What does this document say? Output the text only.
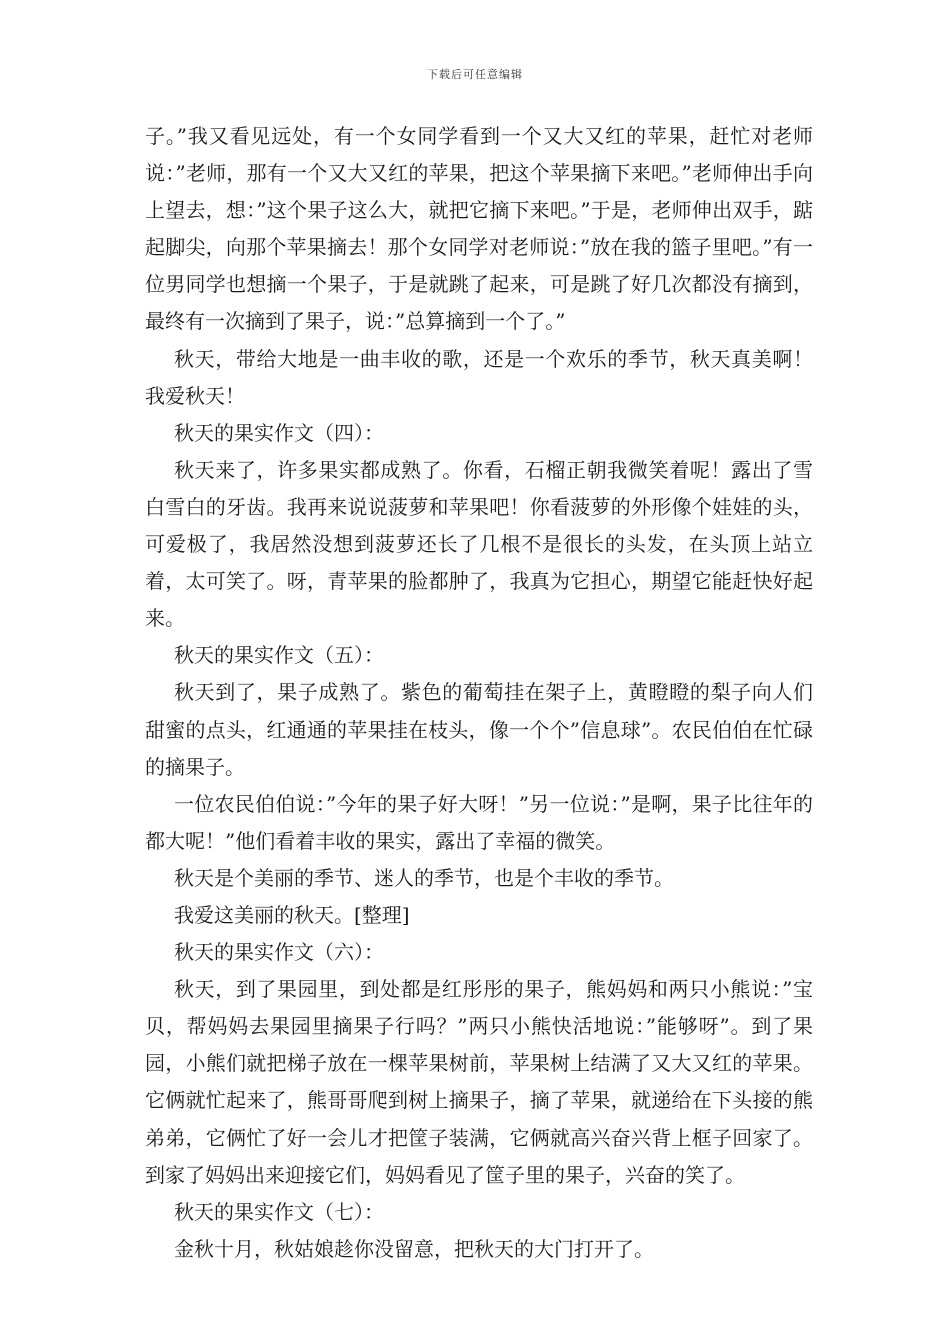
下载后可任意编辑

子。”我又看见远处，有一个女同学看到一个又大又红的苹果，赶忙对老师说：”老师，那有一个又大又红的苹果，把这个苹果摘下来吧。”老师伸出手向上望去，想：”这个果子这么大，就把它摘下来吧。”于是，老师伸出双手，踮起脚尖，向那个苹果摘去！那个女同学对老师说：”放在我的篮子里吧。”有一位男同学也想摘一个果子，于是就跳了起来，可是跳了好几次都没有摘到，最终有一次摘到了果子，说：”总算摘到一个了。”

秋天，带给大地是一曲丰收的歌，还是一个欢乐的季节，秋天真美啊！我爱秋天！

秋天的果实作文（四）：

秋天来了，许多果实都成熟了。你看，石榴正朝我微笑着呢！露出了雪白雪白的牙齿。我再来说说菠萝和苹果吧！你看菠萝的外形像个娃娃的头，可爱极了，我居然没想到菠萝还长了几根不是很长的头发，在头顶上站立着，太可笑了。呀，青苹果的脸都肿了，我真为它担心，期望它能赶快好起来。

秋天的果实作文（五）：

秋天到了，果子成熟了。紫色的葡萄挂在架子上，黄瞪瞪的梨子向人们甜蜜的点头，红通通的苹果挂在枝头，像一个个”信息球”。农民伯伯在忙碌的摘果子。

一位农民伯伯说：”今年的果子好大呀！”另一位说：”是啊，果子比往年的都大呢！”他们看着丰收的果实，露出了幸福的微笑。

秋天是个美丽的季节、迷人的季节，也是个丰收的季节。

我爱这美丽的秋天。[整理]

秋天的果实作文（六）：

秋天，到了果园里，到处都是红彤彤的果子，熊妈妈和两只小熊说：”宝贝，帮妈妈去果园里摘果子行吗？”两只小熊快活地说：”能够呀”。到了果园，小熊们就把梯子放在一棵苹果树前，苹果树上结满了又大又红的苹果。它俩就忙起来了，熊哥哥爬到树上摘果子，摘了苹果，就递给在下头接的熊弟弟，它俩忙了好一会儿才把筐子装满，它俩就高兴奋兴背上框子回家了。到家了妈妈出来迎接它们，妈妈看见了筐子里的果子，兴奋的笑了。

秋天的果实作文（七）：

金秋十月，秋姑娘趁你没留意，把秋天的大门打开了。
